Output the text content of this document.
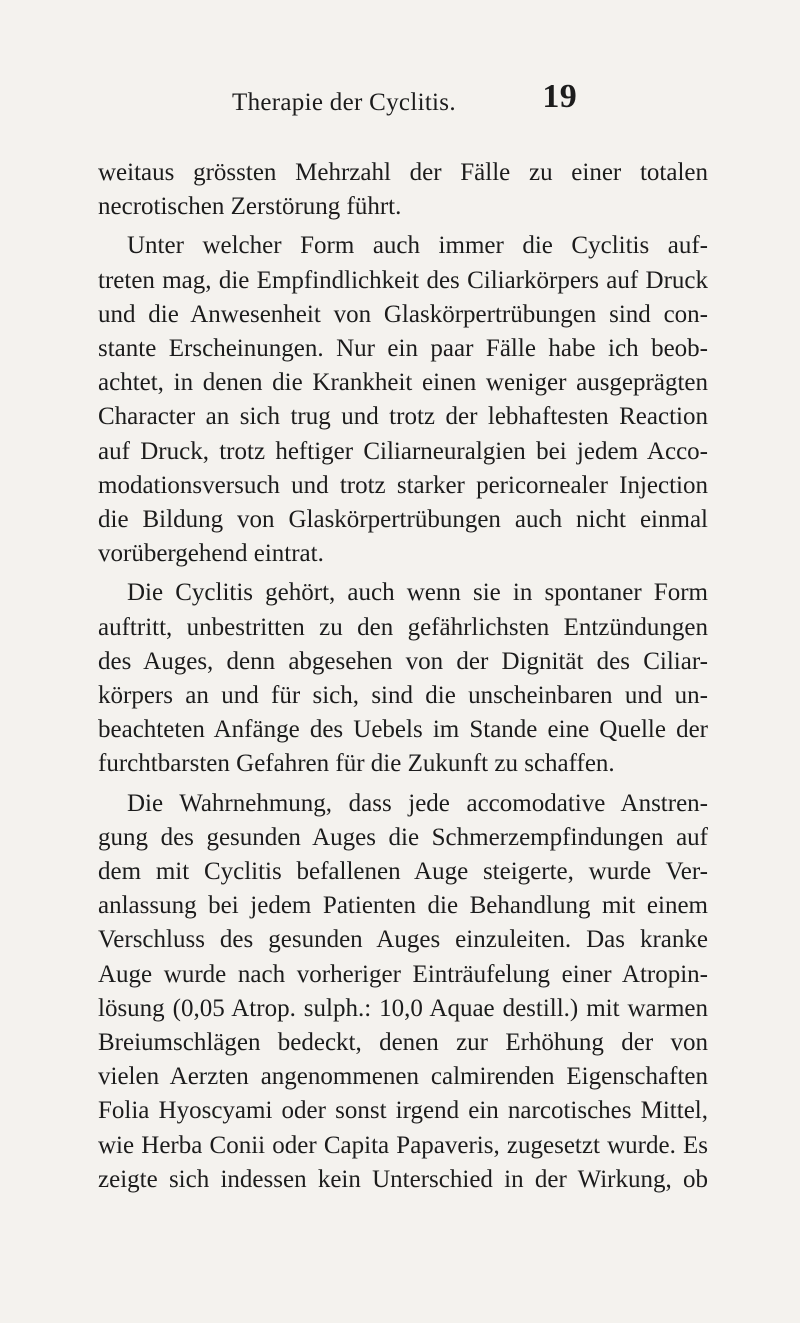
Therapie der Cyclitis.	19

weitaus grössten Mehrzahl der Fälle zu einer totalen
necrotischen Zerstörung führt.

Unter welcher Form auch immer die Cyclitis auf-
treten mag, die Empfindlichkeit des Ciliarkörpers auf Druck
und die Anwesenheit von Glaskörpertrübungen sind con-
stante Erscheinungen. Nur ein paar Fälle habe ich beob-
achtet, in denen die Krankheit einen weniger ausgeprägten
Character an sich trug und trotz der lebhaftesten Reaction
auf Druck, trotz heftiger Ciliarneuralgien bei jedem Acco-
modationsversuch und trotz starker pericornealer Injection
die Bildung von Glaskörpertrübungen auch nicht einmal
vorübergehend eintrat.

Die Cyclitis gehört, auch wenn sie in spontaner Form
auftritt, unbestritten zu den gefährlichsten Entzündungen
des Auges, denn abgesehen von der Dignität des Ciliar-
körpers an und für sich, sind die unscheinbaren und un-
beachteten Anfänge des Uebels im Stande eine Quelle der
furchtbarsten Gefahren für die Zukunft zu schaffen.

Die Wahrnehmung, dass jede accomodative Anstren-
gung des gesunden Auges die Schmerzempfindungen auf
dem mit Cyclitis befallenen Auge steigerte, wurde Ver-
anlassung bei jedem Patienten die Behandlung mit einem
Verschluss des gesunden Auges einzuleiten. Das kranke
Auge wurde nach vorheriger Einträufelung einer Atropin-
lösung (0,05 Atrop. sulph.: 10,0 Aquae destill.) mit warmen
Breiumschlägen bedeckt, denen zur Erhöhung der von
vielen Aerzten angenommenen calmirenden Eigenschaften
Folia Hyoscyami oder sonst irgend ein narcotisches Mittel,
wie Herba Conii oder Capita Papaveris, zugesetzt wurde. Es
zeigte sich indessen kein Unterschied in der Wirkung, ob
